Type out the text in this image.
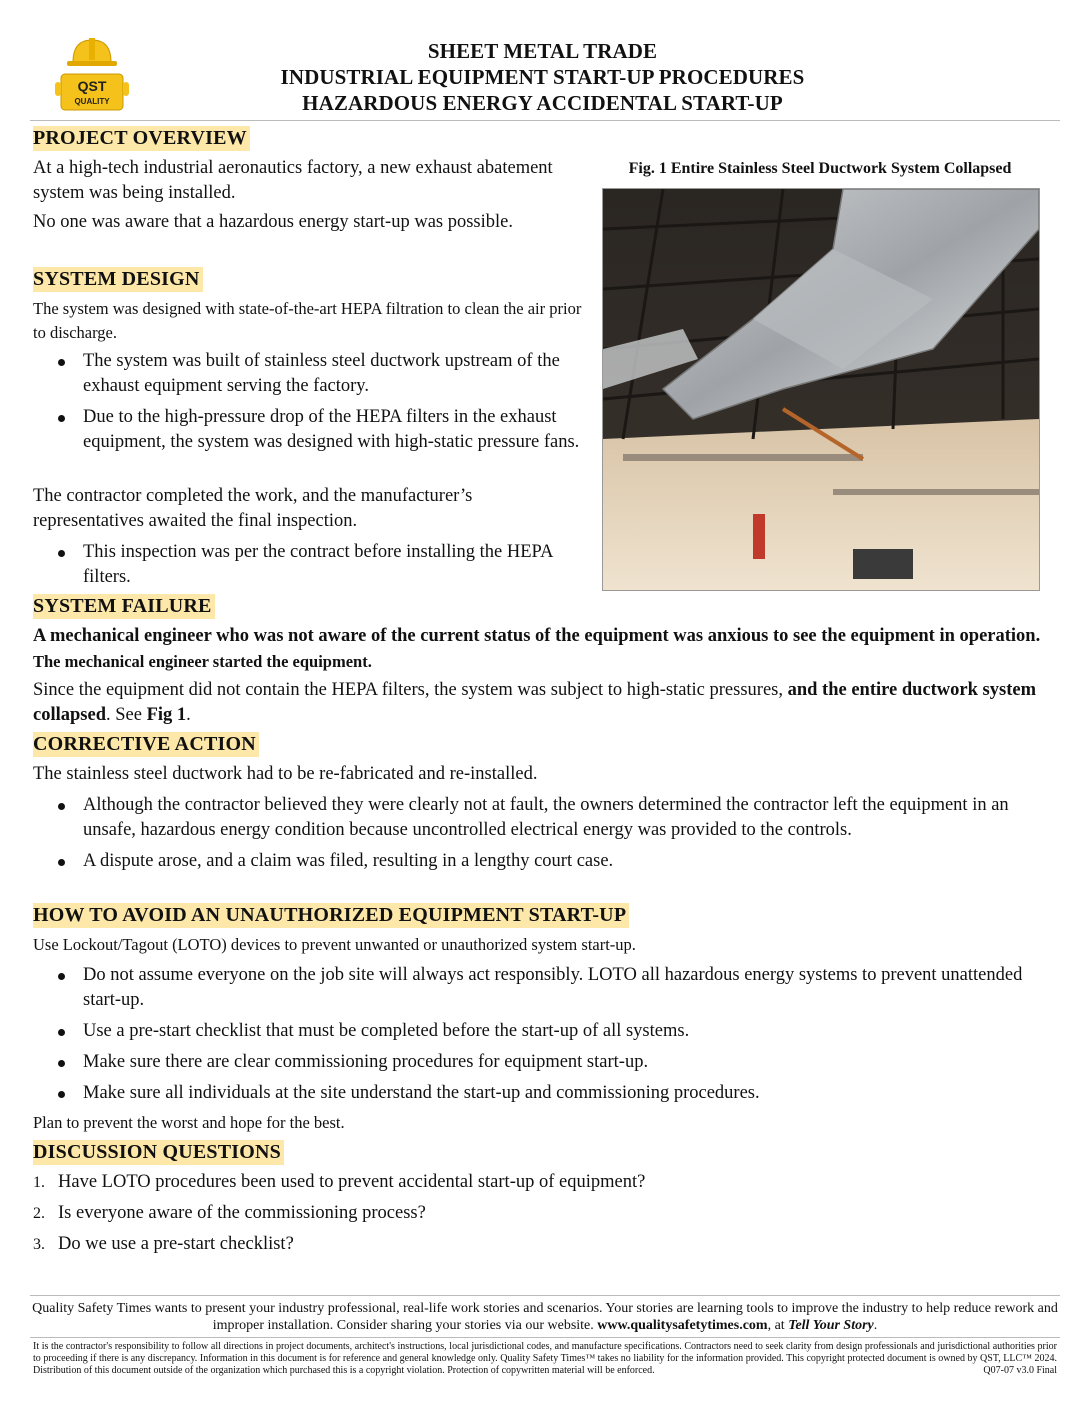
QST
QUALITY
SHEET METAL TRADE
INDUSTRIAL EQUIPMENT START-UP PROCEDURES
HAZARDOUS ENERGY ACCIDENTAL START-UP
PROJECT OVERVIEW
At a high-tech industrial aeronautics factory, a new exhaust abatement system was being installed.
No one was aware that a hazardous energy start-up was possible.
Fig. 1 Entire Stainless Steel Ductwork System Collapsed
SYSTEM DESIGN
The system was designed with state-of-the-art HEPA filtration to clean the air prior to discharge.
The system was built of stainless steel ductwork upstream of the exhaust equipment serving the factory.
Due to the high-pressure drop of the HEPA filters in the exhaust equipment, the system was designed with high-static pressure fans.
The contractor completed the work, and the manufacturer’s representatives awaited the final inspection.
This inspection was per the contract before installing the HEPA filters.
SYSTEM FAILURE
A mechanical engineer who was not aware of the current status of the equipment was anxious to see the equipment in operation. The mechanical engineer started the equipment.
Since the equipment did not contain the HEPA filters, the system was subject to high-static pressures, and the entire ductwork system collapsed. See Fig 1.
CORRECTIVE ACTION
The stainless steel ductwork had to be re-fabricated and re-installed.
Although the contractor believed they were clearly not at fault, the owners determined the contractor left the equipment in an unsafe, hazardous energy condition because uncontrolled electrical energy was provided to the controls.
A dispute arose, and a claim was filed, resulting in a lengthy court case.
HOW TO AVOID AN UNAUTHORIZED EQUIPMENT START-UP
Use Lockout/Tagout (LOTO) devices to prevent unwanted or unauthorized system start-up.
Do not assume everyone on the job site will always act responsibly. LOTO all hazardous energy systems to prevent unattended start-up.
Use a pre-start checklist that must be completed before the start-up of all systems.
Make sure there are clear commissioning procedures for equipment start-up.
Make sure all individuals at the site understand the start-up and commissioning procedures.
Plan to prevent the worst and hope for the best.
DISCUSSION QUESTIONS
1. Have LOTO procedures been used to prevent accidental start-up of equipment?
2. Is everyone aware of the commissioning process?
3. Do we use a pre-start checklist?
Quality Safety Times wants to present your industry professional, real-life work stories and scenarios. Your stories are learning tools to improve the industry to help reduce rework and improper installation. Consider sharing your stories via our website. www.qualitysafetytimes.com, at Tell Your Story.
It is the contractor's responsibility to follow all directions in project documents, architect's instructions, local jurisdictional codes, and manufacture specifications. Contractors need to seek clarity from design professionals and jurisdictional authorities prior to proceeding if there is any discrepancy. Information in this document is for reference and general knowledge only. Quality Safety Times™ takes no liability for the information provided. This copyright protected document is owned by QST, LLC™ 2024. Distribution of this document outside of the organization which purchased this is a copyright violation. Protection of copywritten material will be enforced.	Q07-07 v3.0 Final
